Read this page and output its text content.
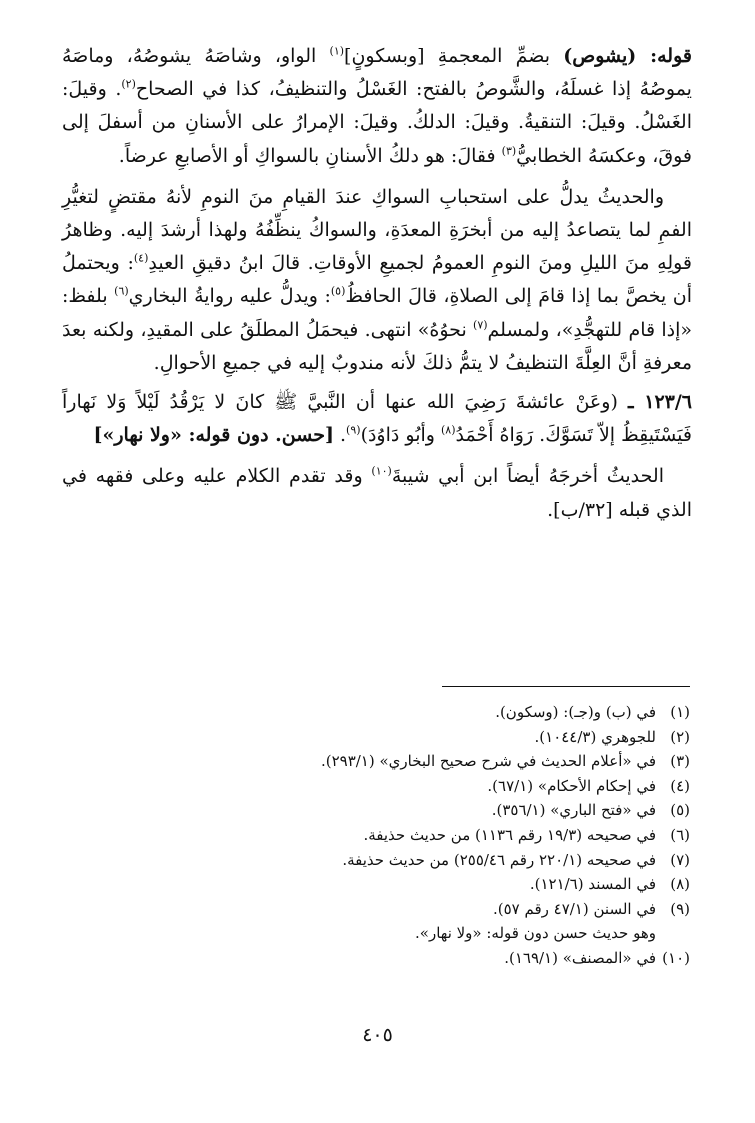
قوله: (يشوص) بضمِّ المعجمةِ [وبسكونٍ]$^{(١)}$ الواو، وشاصَهُ يشوصُهُ، وماصَهُ يموصُهُ إذا غسلَهُ، والشَّوصُ بالفتح: الغَسْلُ والتنظيفُ، كذا في الصحاح$^{(٢)}$. وقيلَ: الغَسْلُ. وقيلَ: التنقيةُ. وقيلَ: الدلكُ. وقيلَ: الإمرارُ على الأسنانِ من أسفلَ إلى فوقَ، وعكسَهُ الخطابيُّ$^{(٣)}$ فقالَ: هو دلكُ الأسنانِ بالسواكِ أو الأصابعِ عرضاً.

والحديثُ يدلُّ على استحبابِ السواكِ عندَ القيامِ منَ النومِ لأنهُ مقتضٍ لتغيُّرِ الفمِ لما يتصاعدُ إليه من أبخرَةِ المعدَةِ، والسواكُ ينظِّفُهُ ولهذا أرشدَ إليه. وظاهرُ قولِهِ منَ الليلِ ومنَ النومِ العمومُ لجميعِ الأوقاتِ. قالَ ابنُ دقيقِ العيدِ$^{(٤)}$: ويحتملُ أن يخصَّ بما إذا قامَ إلى الصلاةِ، قالَ الحافظُ$^{(٥)}$: ويدلُّ عليه روايةُ البخاري$^{(٦)}$ بلفظ: «إذا قام للتهجُّدِ»، ولمسلم$^{(٧)}$ نحوُهُ» انتهى. فيحمَلُ المطلَقُ على المقيدِ، ولكنه بعدَ معرفةِ أنَّ العِلَّةَ التنظيفُ لا يتمُّ ذلكَ لأنه مندوبٌ إليه في جميعِ الأحوالِ.

١٢٣/٦ ـ (وعَنْ عائشةَ رَضِيَ الله عنها أن النَّبيَّ ﷺ كانَ لا يَرْقُدُ لَيْلاً وَلا نَهاراً فَيَسْتَيقِظُ إلاّ تَسَوَّكَ. رَوَاهُ أَحْمَدُ$^{(٨)}$ وأبُو دَاوُدَ)$^{(٩)}$. [حسن. دون قوله: «ولا نهار»]

الحديثُ أخرجَهُ أيضاً ابن أبي شيبةَ$^{(١٠)}$ وقد تقدم الكلام عليه وعلى فقهه في الذي قبله [٣٢/ب].

(١)في (ب) و(جـ): (وسكون).

(٢)للجوهري (١٠٤٤/٣).

(٣)في «أعلام الحديث في شرح صحيح البخاري» (٢٩٣/١).

(٤)في إحكام الأحكام» (٦٧/١).

(٥)في «فتح الباري» (٣٥٦/١).

(٦)في صحيحه (١٩/٣ رقم ١١٣٦) من حديث حذيفة.

(٧)في صحيحه (٢٢٠/١ رقم ٢٥٥/٤٦) من حديث حذيفة.

(٨)في المسند (١٢١/٦).

(٩)في السنن (٤٧/١ رقم ٥٧).

وهو حديث حسن دون قوله: «ولا نهار».

(١٠)في «المصنف» (١٦٩/١).

٤٠٥
